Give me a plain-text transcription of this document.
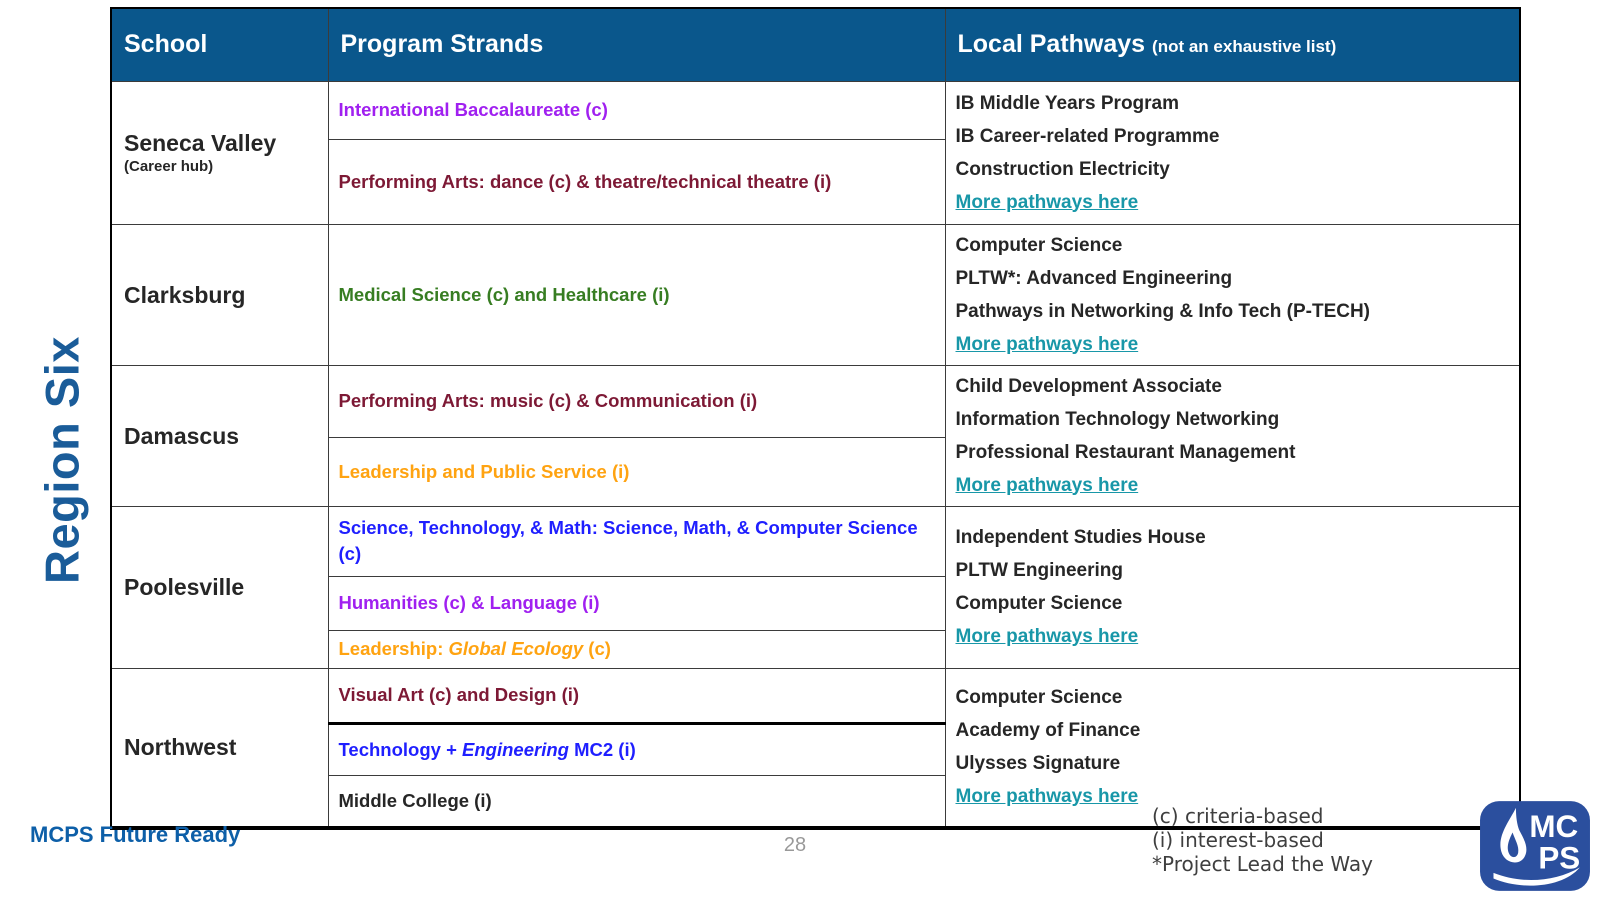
Region Six
School	Program Strands	Local Pathways (not an exhaustive list)

Seneca Valley
(Career hub)
	International Baccalaureate (c)	IB Middle Years Program
IB Career-related Programme
Construction Electricity
More pathways here
	Performing Arts: dance (c) & theatre/technical theatre (i)	

Clarksburg	Medical Science (c) and Healthcare (i)	Computer Science
PLTW*: Advanced Engineering
Pathways in Networking & Info Tech (P-TECH)
More pathways here

Damascus	Performing Arts: music (c) & Communication (i)	Child Development Associate
Information Technology Networking
Professional Restaurant Management
More pathways here
	Leadership and Public Service (i)	

Poolesville	Science, Technology, & Math: Science, Math, & Computer Science (c)	Independent Studies House
PLTW Engineering
Computer Science
More pathways here
	Humanities (c) & Language (i)	
	Leadership: Global Ecology (c)	

Northwest	Visual Art (c) and Design (i)	Computer Science
Academy of Finance
Ulysses Signature
More pathways here
	Technology + Engineering MC2 (i)	
	Middle College (i)	
MCPS Future Ready	28
(c) criteria-based
(i) interest-based
*Project Lead the Way
MC
PS
